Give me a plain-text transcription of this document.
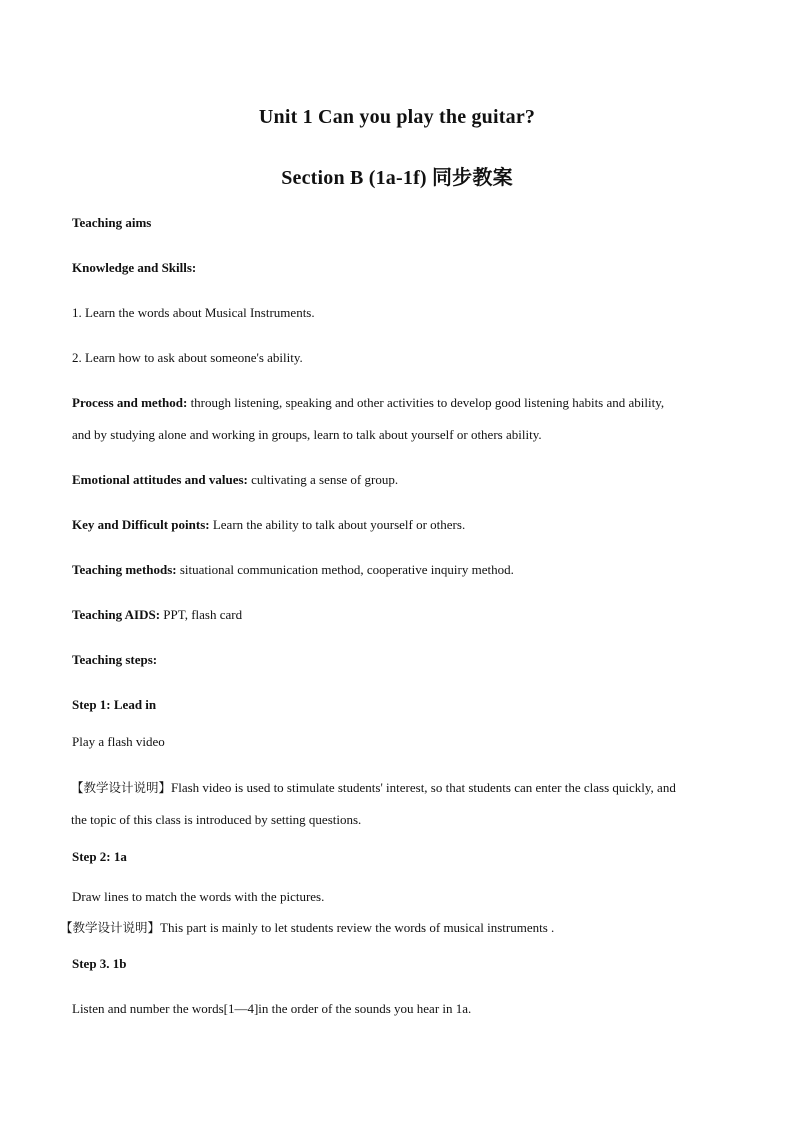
Unit 1 Can you play the guitar?
Section B (1a-1f) 同步教案
Teaching aims
Knowledge and Skills:
1. Learn the words about Musical Instruments.
2. Learn how to ask about someone's ability.
Process and method: through listening, speaking and other activities to develop good listening habits and ability,
and by studying alone and working in groups, learn to talk about yourself or others ability.
Emotional attitudes and values: cultivating a sense of group.
Key and Difficult points: Learn the ability to talk about yourself or others.
Teaching methods: situational communication method, cooperative inquiry method.
Teaching AIDS: PPT, flash card
Teaching steps:
Step 1: Lead in
Play a flash video
【教学设计说明】Flash video is used to stimulate students' interest, so that students can enter the class quickly, and
the topic of this class is introduced by setting questions.
Step 2: 1a
Draw lines to match the words with the pictures.
【教学设计说明】This part is mainly to let students review the words of musical instruments .
Step 3. 1b
Listen and number the words[1—4]in the order of the sounds you hear in 1a.
